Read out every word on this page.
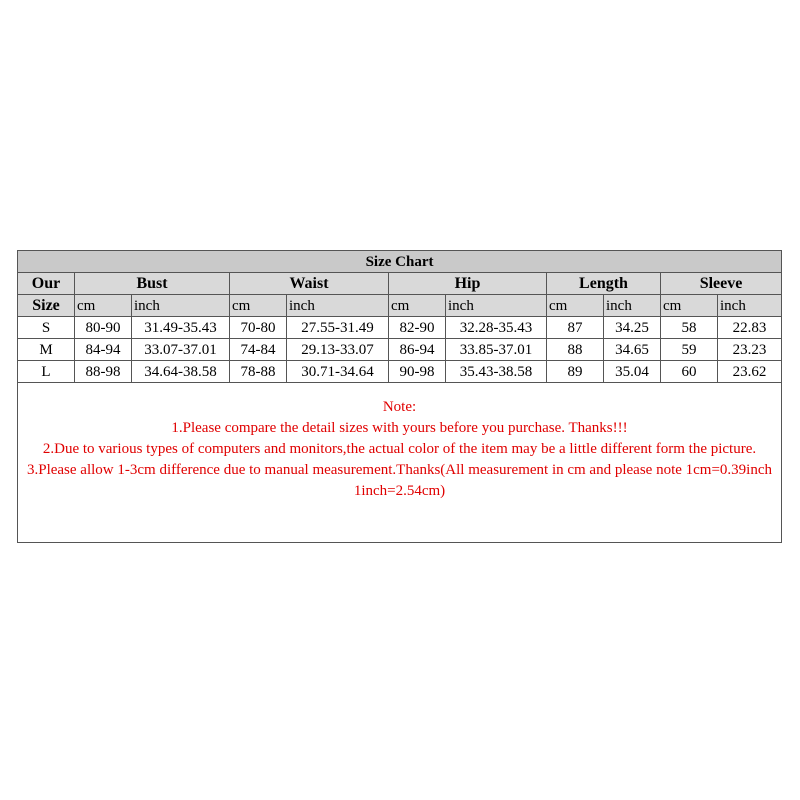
Size Chart										
Our	Bust		Waist		Hip		Length		Sleeve	
Size	cm	inch	cm	inch	cm	inch	cm	inch	cm	inch
S	80-90	31.49-35.43	70-80	27.55-31.49	82-90	32.28-35.43	87	34.25	58	22.83
M	84-94	33.07-37.01	74-84	29.13-33.07	86-94	33.85-37.01	88	34.65	59	23.23
L	88-98	34.64-38.58	78-88	30.71-34.64	90-98	35.43-38.58	89	35.04	60	23.62
Note:
1.Please compare the detail sizes with yours before you purchase. Thanks!!!
2.Due to various types of computers and monitors,the actual color of the item may be a little different form the picture.
3.Please allow 1-3cm difference due to manual measurement.Thanks(All measurement in cm and please note 1cm=0.39inch 1inch=2.54cm)
